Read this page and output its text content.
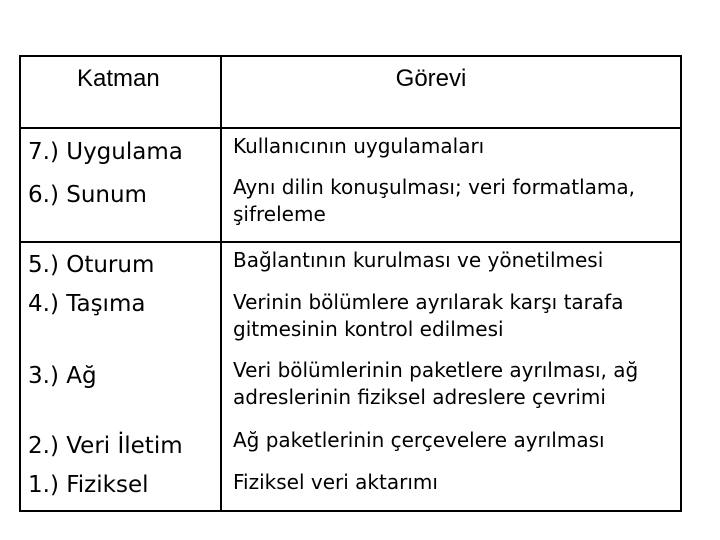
Katman	Görevi

7.) Uygulama	Kullanıcının uygulamaları

6.) Sunum	Aynı dilin konuşulması; veri formatlama, şifreleme

5.) Oturum	Bağlantının kurulması ve yönetilmesi

4.) Taşıma	Verinin bölümlere ayrılarak karşı tarafa gitmesinin kontrol edilmesi

3.) Ağ	Veri bölümlerinin paketlere ayrılması, ağ adreslerinin fiziksel adreslere çevrimi

2.) Veri İletim	Ağ paketlerinin çerçevelere ayrılması

1.) Fiziksel	Fiziksel veri aktarımı
